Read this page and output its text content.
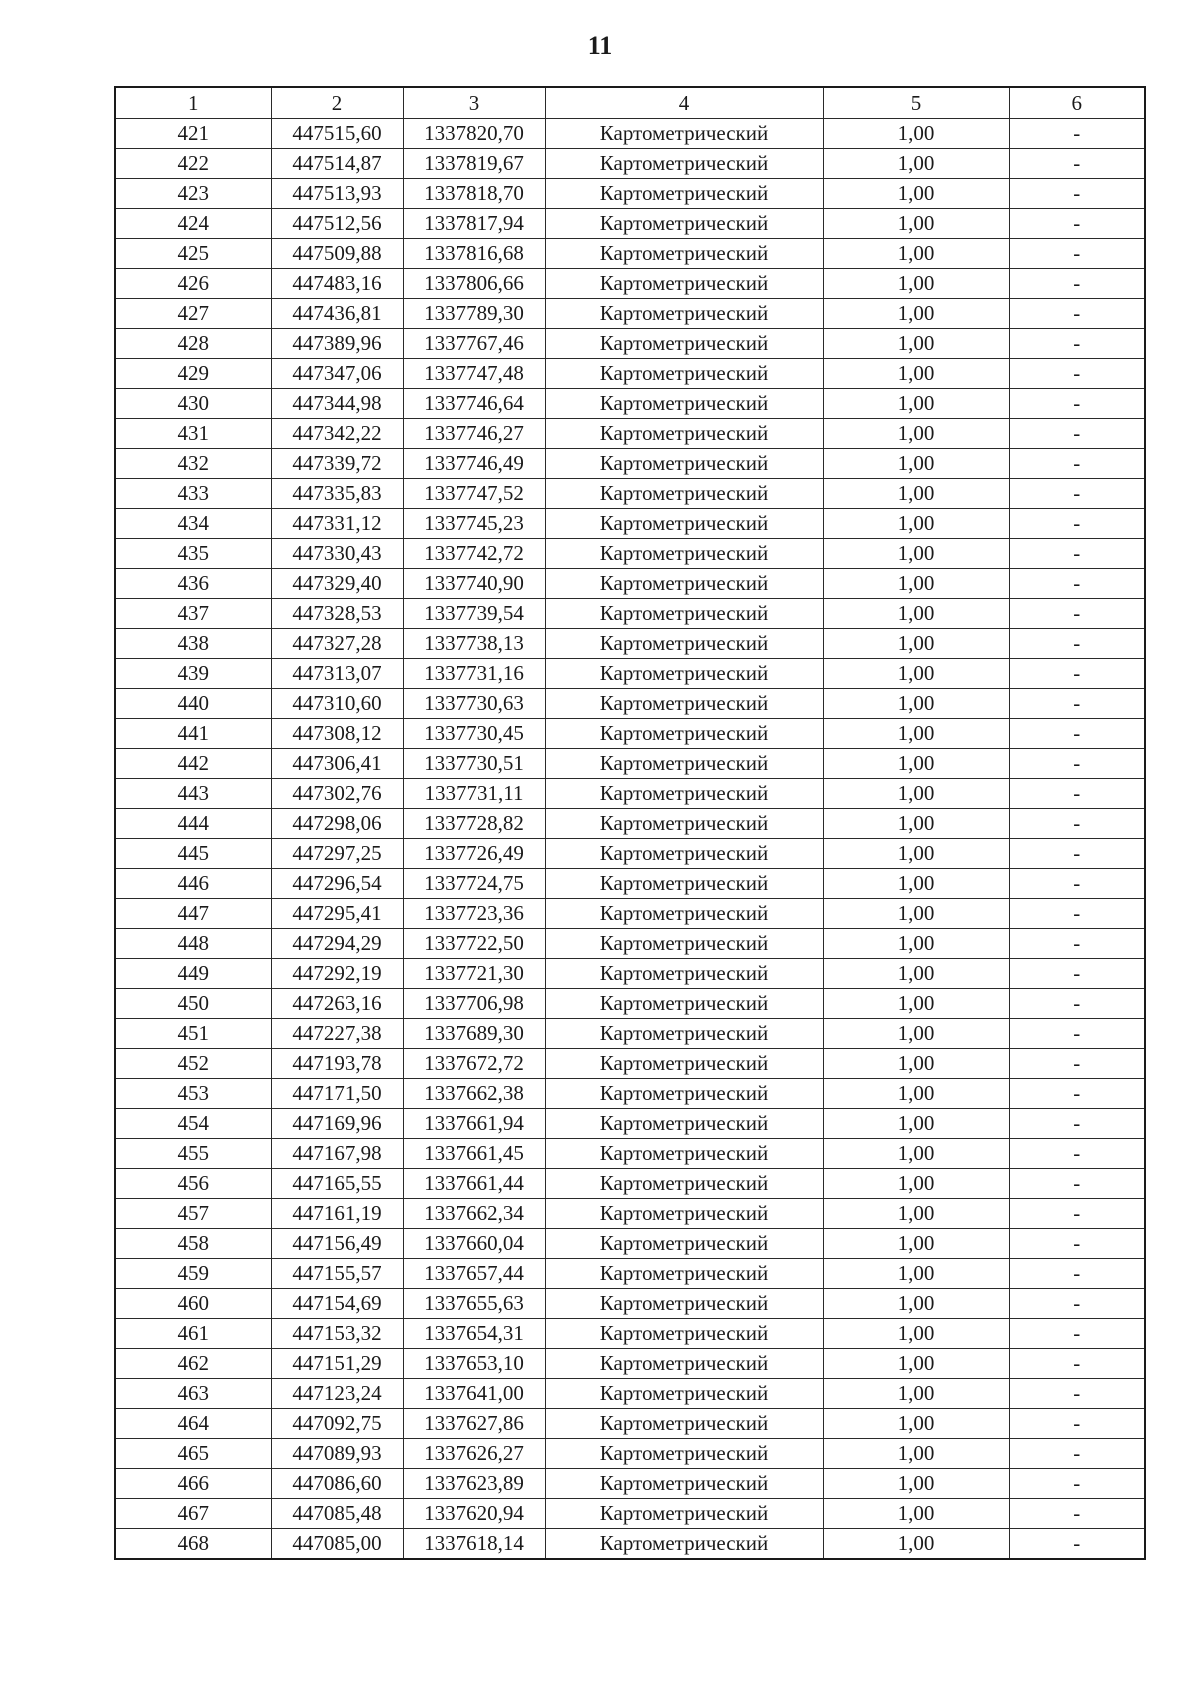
11
1	2	3	4	5	6
421	447515,60	1337820,70	Картометрический	1,00	-
422	447514,87	1337819,67	Картометрический	1,00	-
423	447513,93	1337818,70	Картометрический	1,00	-
424	447512,56	1337817,94	Картометрический	1,00	-
425	447509,88	1337816,68	Картометрический	1,00	-
426	447483,16	1337806,66	Картометрический	1,00	-
427	447436,81	1337789,30	Картометрический	1,00	-
428	447389,96	1337767,46	Картометрический	1,00	-
429	447347,06	1337747,48	Картометрический	1,00	-
430	447344,98	1337746,64	Картометрический	1,00	-
431	447342,22	1337746,27	Картометрический	1,00	-
432	447339,72	1337746,49	Картометрический	1,00	-
433	447335,83	1337747,52	Картометрический	1,00	-
434	447331,12	1337745,23	Картометрический	1,00	-
435	447330,43	1337742,72	Картометрический	1,00	-
436	447329,40	1337740,90	Картометрический	1,00	-
437	447328,53	1337739,54	Картометрический	1,00	-
438	447327,28	1337738,13	Картометрический	1,00	-
439	447313,07	1337731,16	Картометрический	1,00	-
440	447310,60	1337730,63	Картометрический	1,00	-
441	447308,12	1337730,45	Картометрический	1,00	-
442	447306,41	1337730,51	Картометрический	1,00	-
443	447302,76	1337731,11	Картометрический	1,00	-
444	447298,06	1337728,82	Картометрический	1,00	-
445	447297,25	1337726,49	Картометрический	1,00	-
446	447296,54	1337724,75	Картометрический	1,00	-
447	447295,41	1337723,36	Картометрический	1,00	-
448	447294,29	1337722,50	Картометрический	1,00	-
449	447292,19	1337721,30	Картометрический	1,00	-
450	447263,16	1337706,98	Картометрический	1,00	-
451	447227,38	1337689,30	Картометрический	1,00	-
452	447193,78	1337672,72	Картометрический	1,00	-
453	447171,50	1337662,38	Картометрический	1,00	-
454	447169,96	1337661,94	Картометрический	1,00	-
455	447167,98	1337661,45	Картометрический	1,00	-
456	447165,55	1337661,44	Картометрический	1,00	-
457	447161,19	1337662,34	Картометрический	1,00	-
458	447156,49	1337660,04	Картометрический	1,00	-
459	447155,57	1337657,44	Картометрический	1,00	-
460	447154,69	1337655,63	Картометрический	1,00	-
461	447153,32	1337654,31	Картометрический	1,00	-
462	447151,29	1337653,10	Картометрический	1,00	-
463	447123,24	1337641,00	Картометрический	1,00	-
464	447092,75	1337627,86	Картометрический	1,00	-
465	447089,93	1337626,27	Картометрический	1,00	-
466	447086,60	1337623,89	Картометрический	1,00	-
467	447085,48	1337620,94	Картометрический	1,00	-
468	447085,00	1337618,14	Картометрический	1,00	-
